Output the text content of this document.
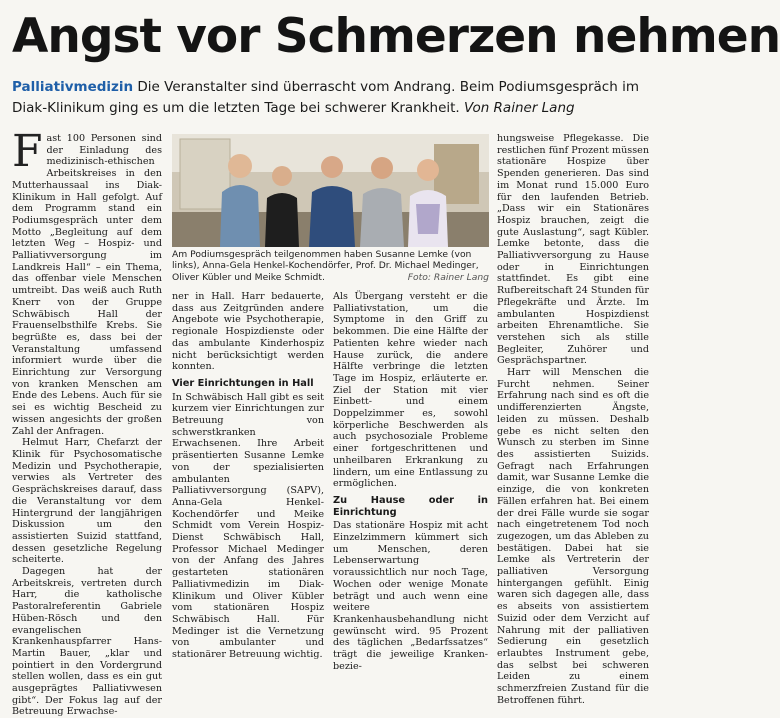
Angst vor Schmerzen nehmen
Palliativmedizin Die Veranstalter sind überrascht vom Andrang. Beim Podiumsgespräch im Diak-Klinikum ging es um die letzten Tage bei schwerer Krankheit. Von Rainer Lang

Fast 100 Personen sind der Einladung des medizinisch-ethischen Arbeitskreises in den Mutterhaussaal ins Diak-Klinikum in Hall gefolgt. Auf dem Programm stand ein Podiumsgespräch unter dem Motto „Begleitung auf dem letzten Weg – Hospiz- und Palliativversorgung im Landkreis Hall“ – ein Thema, das offenbar viele Menschen umtreibt. Das weiß auch Ruth Knerr von der Gruppe Schwäbisch Hall der Frauenselbsthilfe Krebs. Sie begrüßte es, dass bei der Veranstaltung umfassend informiert wurde über die Einrichtung zur Versorgung von kranken Menschen am Ende des Lebens. Auch für sie sei es wichtig Bescheid zu wissen angesichts der großen Zahl der Anfragen.

Helmut Harr, Chefarzt der Klinik für Psychosomatische Medizin und Psychotherapie, verwies als Vertreter des Gesprächskreises darauf, dass die Veranstaltung vor dem Hintergrund der langjährigen Diskussion um den assistierten Suizid stattfand, dessen gesetzliche Regelung scheiterte.

Dagegen hat der Arbeitskreis, vertreten durch Harr, die katholische Pastoralreferentin Gabriele Hüben-Rösch und den evangelischen Krankenhauspfarrer Hans-Martin Bauer, „klar und pointiert in den Vordergrund stellen wollen, dass es ein gut ausgeprägtes Palliativwesen gibt“. Der Fokus lag auf der Betreuung Erwachse-

Am Podiumsgespräch teilgenommen haben Susanne Lemke (von links), Anna-Gela Henkel-Kochendörfer, Prof. Dr. Michael Medinger, Oliver Kübler und Meike Schmidt.	Foto: Rainer Lang

ner in Hall. Harr bedauerte, dass aus Zeitgründen andere Angebote wie Psychotherapie, regionale Hospizdienste oder das ambulante Kinderhospiz nicht berücksichtigt werden konnten.

Vier Einrichtungen in Hall

In Schwäbisch Hall gibt es seit kurzem vier Einrichtungen zur Betreuung von schwerstkranken Erwachsenen. Ihre Arbeit präsentierten Susanne Lemke von der spezialisierten ambulanten Palliativversorgung (SAPV), Anna-Gela Henkel-Kochendörfer und Meike Schmidt vom Verein Hospiz-Dienst Schwäbisch Hall, Professor Michael Medinger von der Anfang des Jahres gestarteten stationären Palliativmedizin im Diak-Klinikum und Oliver Kübler vom stationären Hospiz Schwäbisch Hall. Für Medinger ist die Vernetzung von ambulanter und stationärer Betreuung wichtig.

Als Übergang versteht er die Palliativstation, um die Symptome in den Griff zu bekommen. Die eine Hälfte der Patienten kehre wieder nach Hause zurück, die andere Hälfte verbringe die letzten Tage im Hospiz, erläuterte er. Ziel der Station mit vier Einbett- und einem Doppelzimmer es, sowohl körperliche Beschwerden als auch psychosoziale Probleme einer fortgeschrittenen und unheilbaren Erkrankung zu lindern, um eine Entlassung zu ermöglichen.

Zu Hause oder in Einrichtung

Das stationäre Hospiz mit acht Einzelzimmern kümmert sich um Menschen, deren Lebenserwartung voraussichtlich nur noch Tage, Wochen oder wenige Monate beträgt und auch wenn eine weitere Krankenhausbehandlung nicht gewünscht wird. 95 Prozent des täglichen „Bedarfssatzes“ trägt die jeweilige Kranken- bezie-

hungsweise Pflegekasse. Die restlichen fünf Prozent müssen stationäre Hospize über Spenden generieren. Das sind im Monat rund 15.000 Euro für den laufenden Betrieb. „Dass wir ein Stationäres Hospiz brauchen, zeigt die gute Auslastung“, sagt Kübler. Lemke betonte, dass die Palliativversorgung zu Hause oder in Einrichtungen stattfindet. Es gibt eine Rufbereitschaft 24 Stunden für Pflegekräfte und Ärzte. Im ambulanten Hospizdienst arbeiten Ehrenamtliche. Sie verstehen sich als stille Begleiter, Zuhörer und Gesprächspartner.

Harr will Menschen die Furcht nehmen. Seiner Erfahrung nach sind es oft die undifferenzierten Ängste, leiden zu müssen. Deshalb gebe es nicht selten den Wunsch zu sterben im Sinne des assistierten Suizids. Gefragt nach Erfahrungen damit, war Susanne Lemke die einzige, die von konkreten Fällen erfahren hat. Bei einem der drei Fälle wurde sie sogar nach eingetretenem Tod noch zugezogen, um das Ableben zu bestätigen. Dabei hat sie Lemke als Vertreterin der palliativen Versorgung hintergangen gefühlt. Einig waren sich dagegen alle, dass es abseits von assistiertem Suizid oder dem Verzicht auf Nahrung mit der palliativen Sedierung ein gesetzlich erlaubtes Instrument gebe, das selbst bei schweren Leiden zu einem schmerzfreien Zustand für die Betroffenen führt.
